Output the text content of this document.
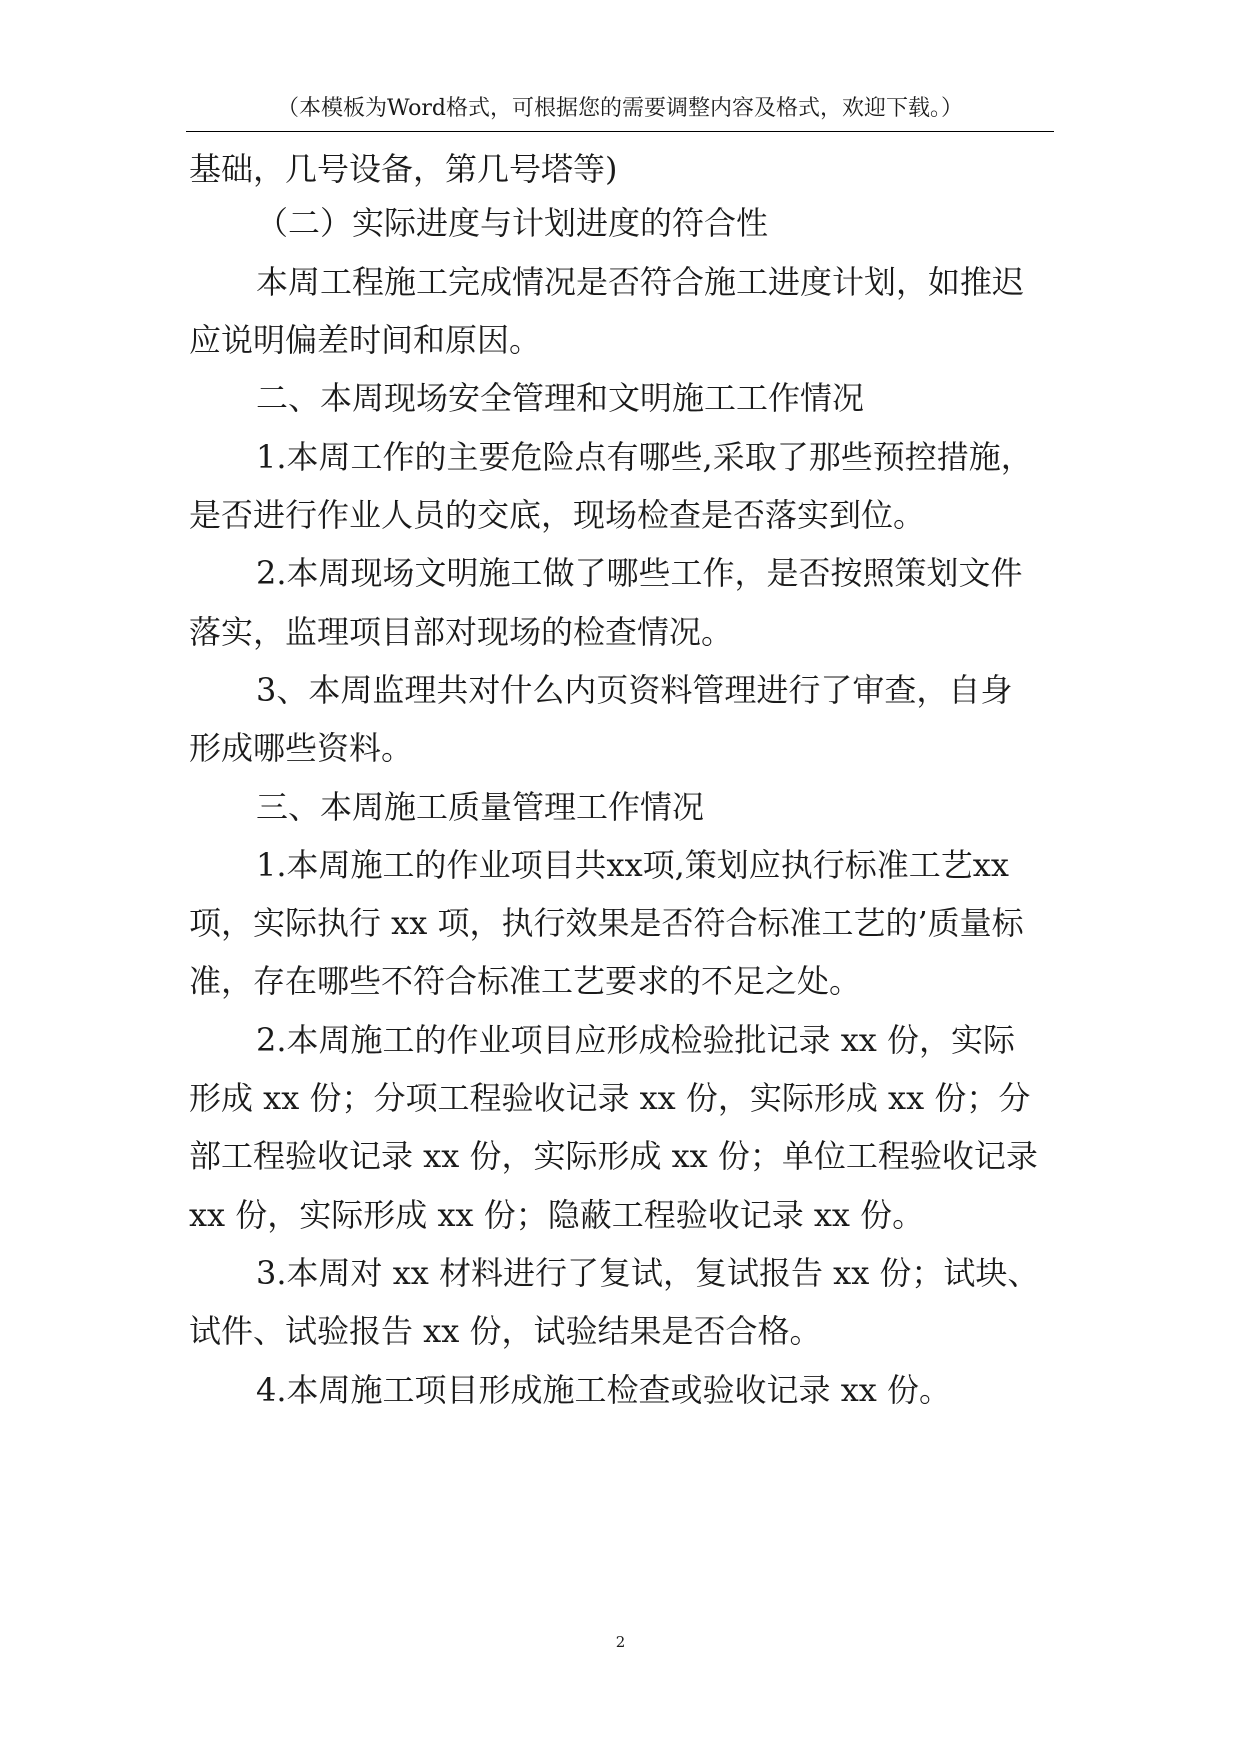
（本模板为Word格式，可根据您的需要调整内容及格式，欢迎下载。）
基础，几号设备，第几号塔等)
（二）实际进度与计划进度的符合性
本周工程施工完成情况是否符合施工进度计划，如推迟
应说明偏差时间和原因。
二、本周现场安全管理和文明施工工作情况
1.本周工作的主要危险点有哪些,采取了那些预控措施，
是否进行作业人员的交底，现场检查是否落实到位。
2.本周现场文明施工做了哪些工作，是否按照策划文件
落实，监理项目部对现场的检查情况。
3、本周监理共对什么内页资料管理进行了审查，自身
形成哪些资料。
三、本周施工质量管理工作情况
1.本周施工的作业项目共xx项,策划应执行标准工艺xx
项，实际执行 xx 项，执行效果是否符合标准工艺的’质量标
准，存在哪些不符合标准工艺要求的不足之处。
2.本周施工的作业项目应形成检验批记录 xx 份，实际
形成 xx 份；分项工程验收记录 xx 份，实际形成 xx 份；分
部工程验收记录 xx 份，实际形成 xx 份；单位工程验收记录
xx 份，实际形成 xx 份；隐蔽工程验收记录 xx 份。
3.本周对 xx 材料进行了复试，复试报告 xx 份；试块、
试件、试验报告 xx 份，试验结果是否合格。
4.本周施工项目形成施工检查或验收记录 xx 份。
2
